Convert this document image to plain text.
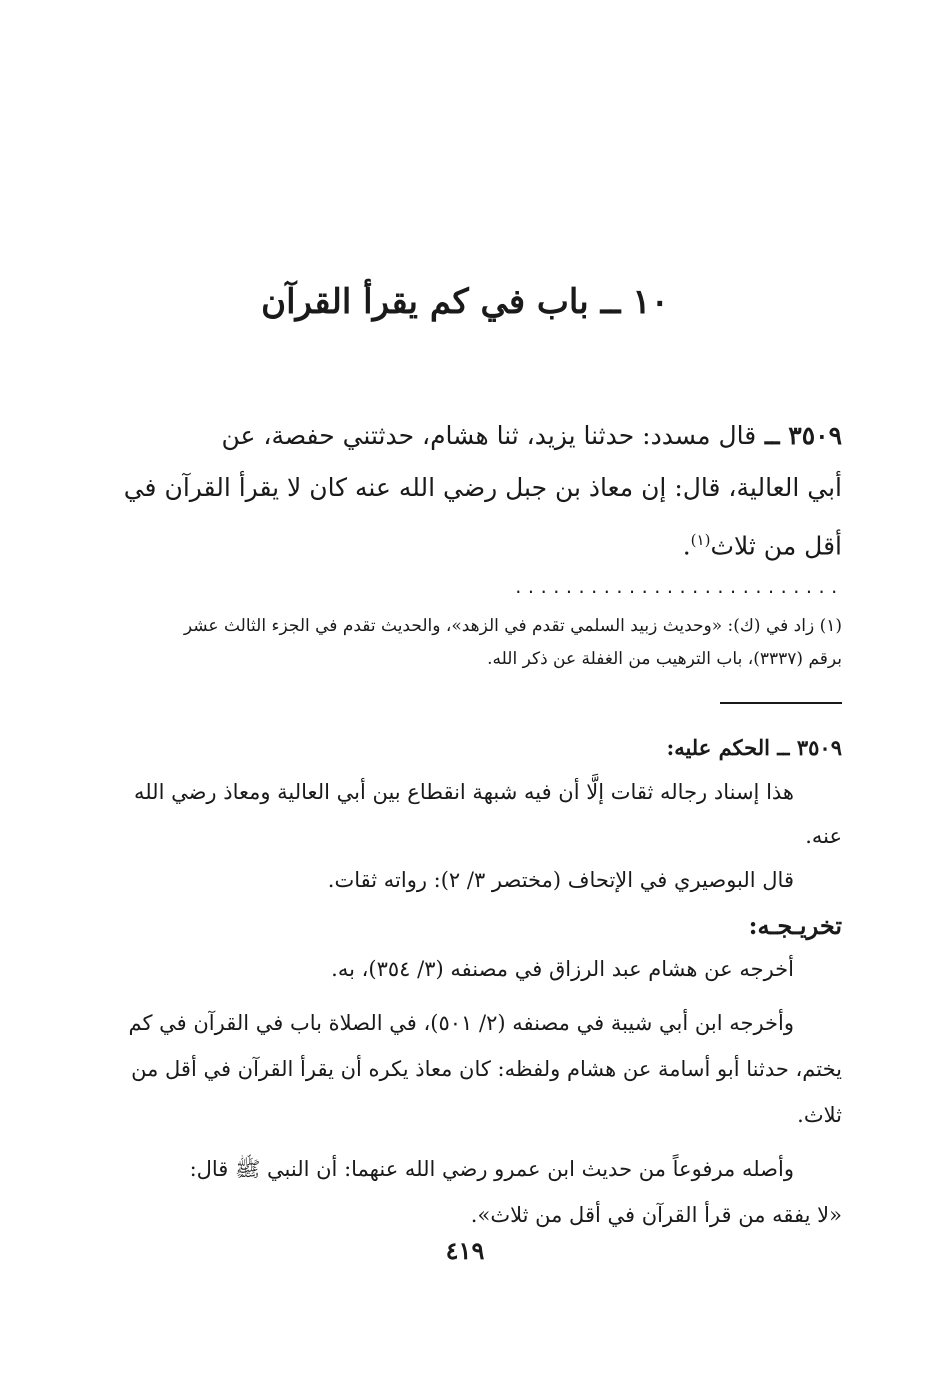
١٠ ــ باب في كم يقرأ القرآن
٣٥٠٩ ــ قال مسدد: حدثنا يزيد، ثنا هشام، حدثتني حفصة، عن
أبي العالية، قال: إن معاذ بن جبل رضي الله عنه كان لا يقرأ القرآن في
أقل من ثلاث$^{(١)}$.
..........................
(١) زاد في (ك): «وحديث زبيد السلمي تقدم في الزهد»، والحديث تقدم في الجزء الثالث عشر
برقم (٣٣٣٧)، باب الترهيب من الغفلة عن ذكر الله.
٣٥٠٩ ــ الحكم عليه:

هذا إسناد رجاله ثقات إلَّا أن فيه شبهة انقطاع بين أبي العالية ومعاذ رضي الله

عنه.

قال البوصيري في الإتحاف (مختصر ٣/ ٢): رواته ثقات.

تخريـجـه:

أخرجه عن هشام عبد الرزاق في مصنفه (٣/ ٣٥٤)، به.

وأخرجه ابن أبي شيبة في مصنفه (٢/ ٥٠١)، في الصلاة باب في القرآن في كم

يختم، حدثنا أبو أسامة عن هشام ولفظه: كان معاذ يكره أن يقرأ القرآن في أقل من

ثلاث.

وأصله مرفوعاً من حديث ابن عمرو رضي الله عنهما: أن النبي ﷺ قال:

«لا يفقه من قرأ القرآن في أقل من ثلاث».

٤١٩
